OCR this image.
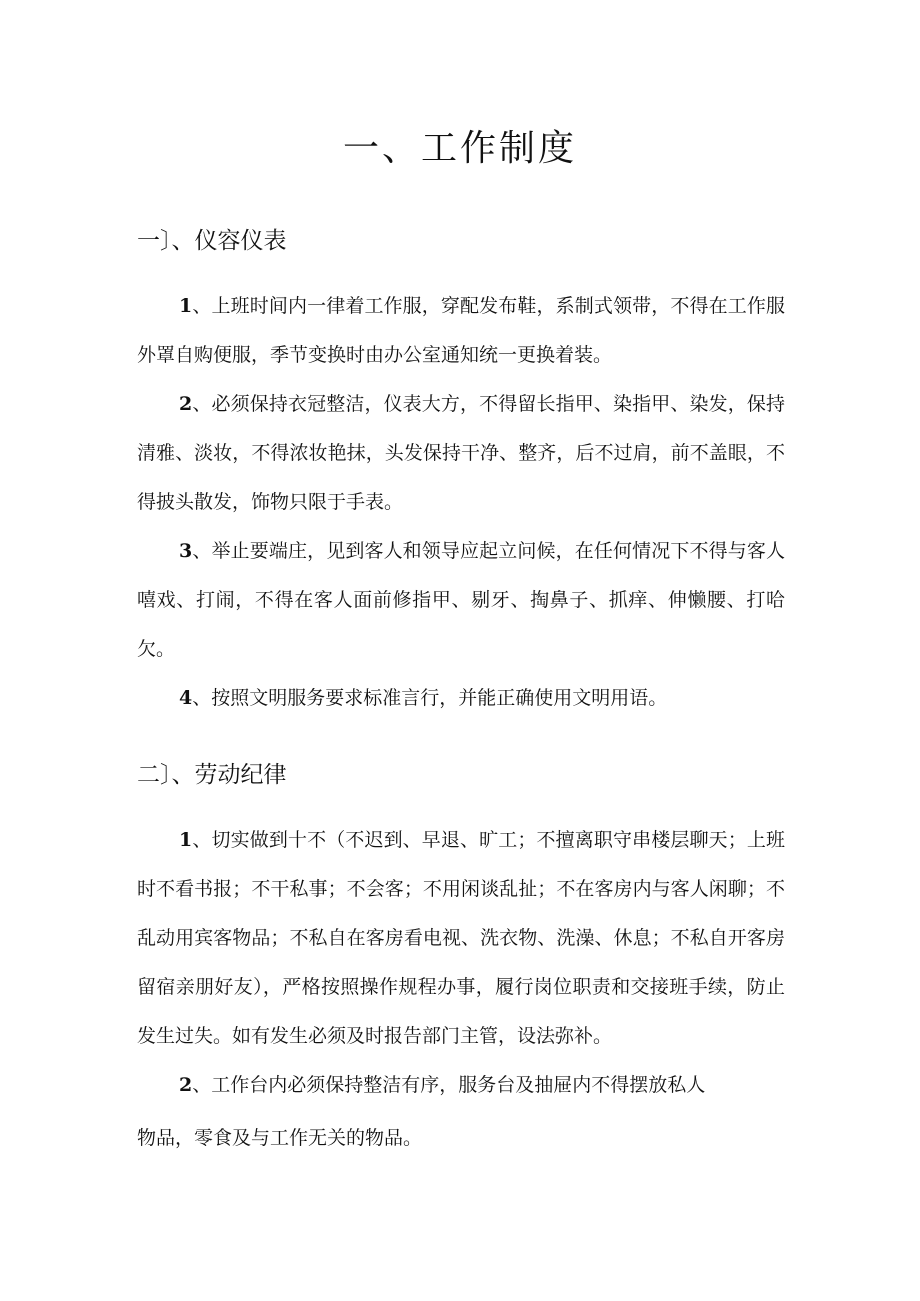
一、工作制度
一〕、仪容仪表

1、上班时间内一律着工作服，穿配发布鞋，系制式领带，不得在工作服外罩自购便服，季节变换时由办公室通知统一更换着装。

2、必须保持衣冠整洁，仪表大方，不得留长指甲、染指甲、染发，保持清雅、淡妆，不得浓妆艳抹，头发保持干净、整齐，后不过肩，前不盖眼，不得披头散发，饰物只限于手表。

3、举止要端庄，见到客人和领导应起立问候，在任何情况下不得与客人嘻戏、打闹，不得在客人面前修指甲、剔牙、掏鼻子、抓痒、伸懒腰、打哈欠。

4、按照文明服务要求标准言行，并能正确使用文明用语。

二〕、劳动纪律

1、切实做到十不（不迟到、早退、旷工；不擅离职守串楼层聊天；上班时不看书报；不干私事；不会客；不用闲谈乱扯；不在客房内与客人闲聊；不乱动用宾客物品；不私自在客房看电视、洗衣物、洗澡、休息；不私自开客房留宿亲朋好友），严格按照操作规程办事，履行岗位职责和交接班手续，防止发生过失。如有发生必须及时报告部门主管，设法弥补。

2、工作台内必须保持整洁有序，服务台及抽屉内不得摆放私人

物品，零食及与工作无关的物品。
